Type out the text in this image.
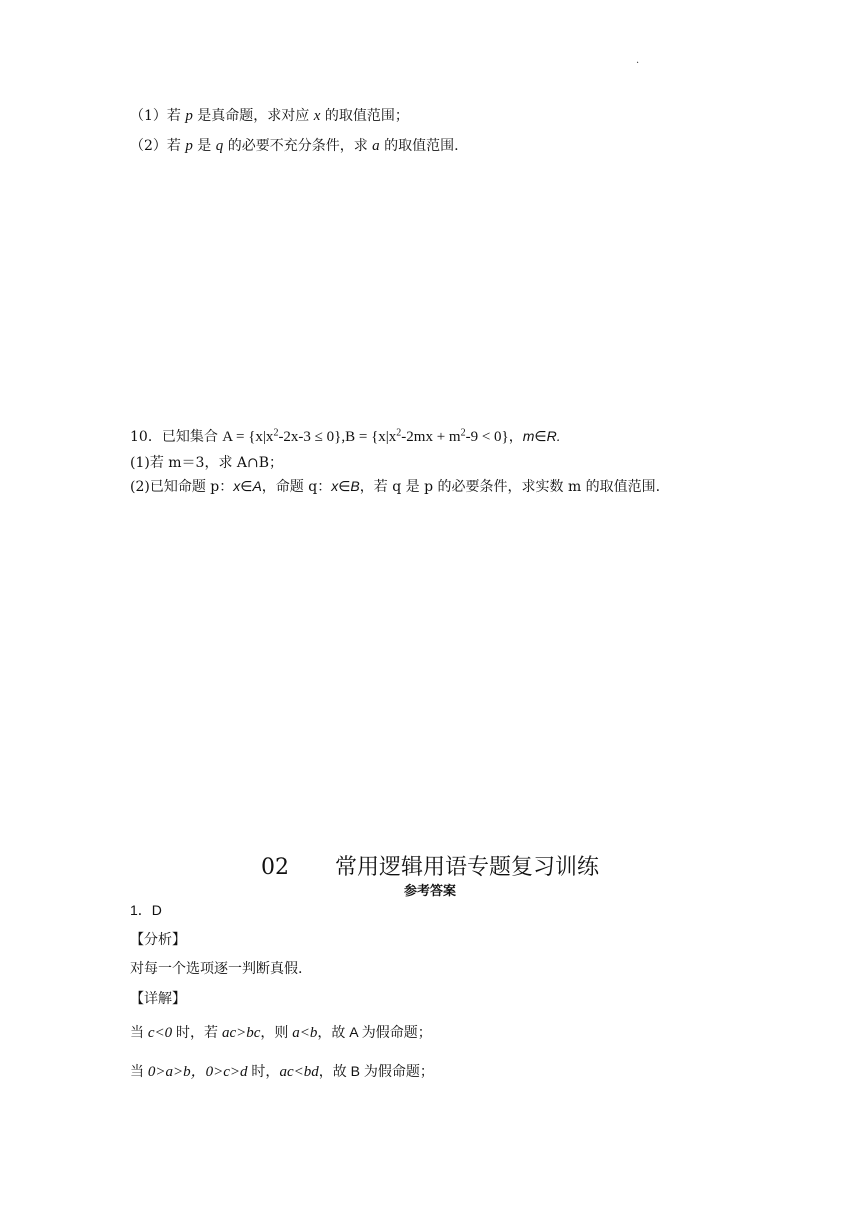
·
（1）若 p 是真命题，求对应 x 的取值范围；
（2）若 p 是 q 的必要不充分条件，求 a 的取值范围.
10．已知集合 $A = \{x|x^2-2x-3 \le 0\},B = \{x|x^2-2mx + m^2-9 < 0\}$，m∈R.
(1)若 m＝3，求 A∩B；
(2)已知命题 p：x∈A，命题 q：x∈B，若 q 是 p 的必要条件，求实数 m 的取值范围.
02 常用逻辑用语专题复习训练
参考答案
1．D
【分析】
对每一个选项逐一判断真假.
【详解】
当 c<0 时，若 ac>bc，则 a<b，故 A 为假命题；
当 0>a>b，0>c>d 时，ac<bd，故 B 为假命题；
